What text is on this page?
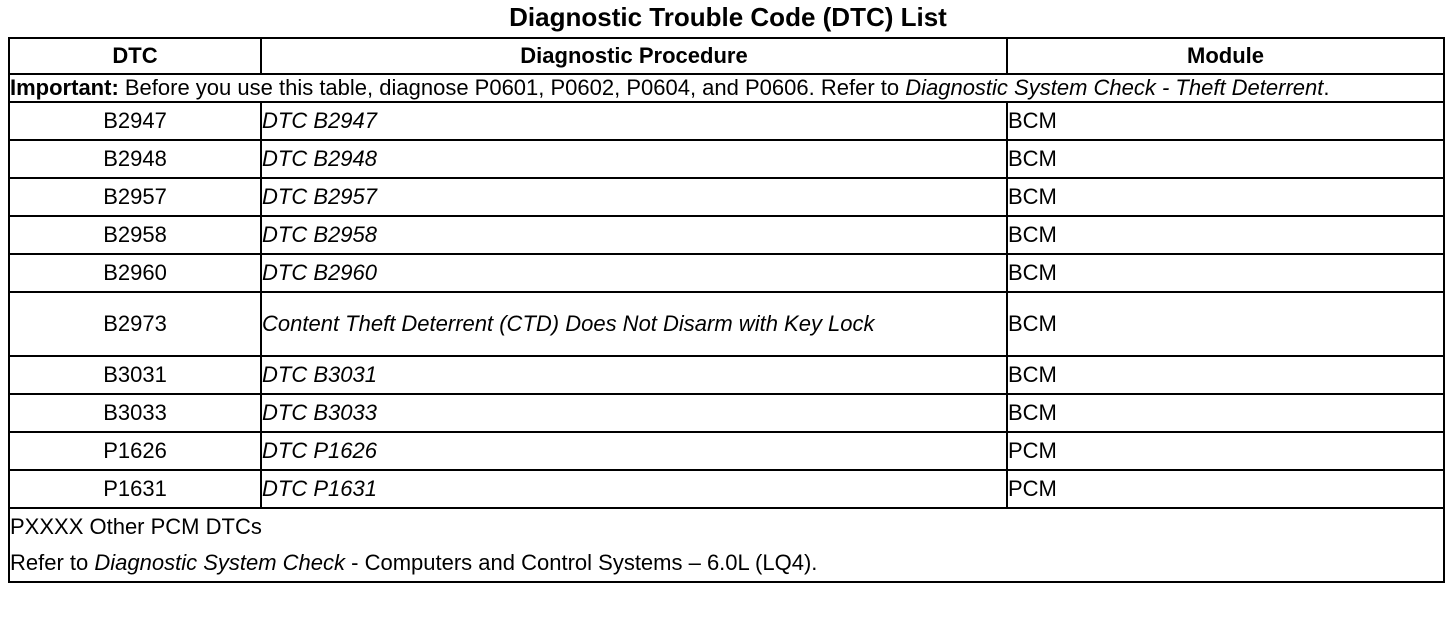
Diagnostic Trouble Code (DTC) List
DTC	Diagnostic Procedure	Module
Important: Before you use this table, diagnose P0601, P0602, P0604, and P0606. Refer to Diagnostic System Check - Theft Deterrent.		
B2947	DTC B2947	BCM
B2948	DTC B2948	BCM
B2957	DTC B2957	BCM
B2958	DTC B2958	BCM
B2960	DTC B2960	BCM
B2973	Content Theft Deterrent (CTD) Does Not Disarm with Key Lock	BCM
B3031	DTC B3031	BCM
B3033	DTC B3033	BCM
P1626	DTC P1626	PCM
P1631	DTC P1631	PCM

PXXXX Other PCM DTCs
Refer to Diagnostic System Check - Computers and Control Systems – 6.0L (LQ4).		
